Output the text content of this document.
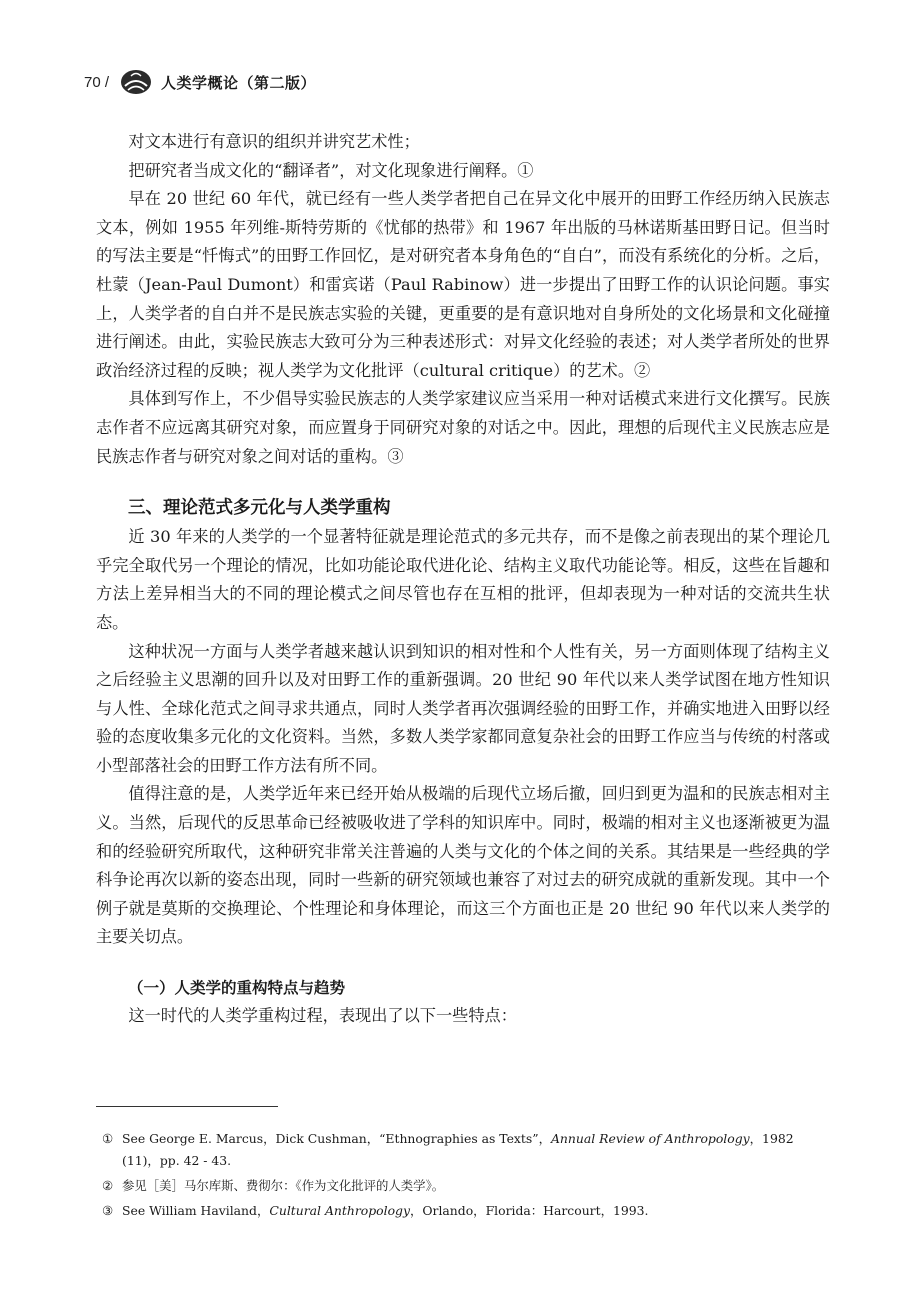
70 /	人类学概论（第二版）

对文本进行有意识的组织并讲究艺术性；

把研究者当成文化的“翻译者”，对文化现象进行阐释。①

早在 20 世纪 60 年代，就已经有一些人类学者把自己在异文化中展开的田野工作经历纳入民族志文本，例如 1955 年列维-斯特劳斯的《忧郁的热带》和 1967 年出版的马林诺斯基田野日记。但当时的写法主要是“忏悔式”的田野工作回忆，是对研究者本身角色的“自白”，而没有系统化的分析。之后，杜蒙（Jean-Paul Dumont）和雷宾诺（Paul Rabinow）进一步提出了田野工作的认识论问题。事实上，人类学者的自白并不是民族志实验的关键，更重要的是有意识地对自身所处的文化场景和文化碰撞进行阐述。由此，实验民族志大致可分为三种表述形式：对异文化经验的表述；对人类学者所处的世界政治经济过程的反映；视人类学为文化批评（cultural critique）的艺术。②

具体到写作上，不少倡导实验民族志的人类学家建议应当采用一种对话模式来进行文化撰写。民族志作者不应远离其研究对象，而应置身于同研究对象的对话之中。因此，理想的后现代主义民族志应是民族志作者与研究对象之间对话的重构。③

三、理论范式多元化与人类学重构

近 30 年来的人类学的一个显著特征就是理论范式的多元共存，而不是像之前表现出的某个理论几乎完全取代另一个理论的情况，比如功能论取代进化论、结构主义取代功能论等。相反，这些在旨趣和方法上差异相当大的不同的理论模式之间尽管也存在互相的批评，但却表现为一种对话的交流共生状态。

这种状况一方面与人类学者越来越认识到知识的相对性和个人性有关，另一方面则体现了结构主义之后经验主义思潮的回升以及对田野工作的重新强调。20 世纪 90 年代以来人类学试图在地方性知识与人性、全球化范式之间寻求共通点，同时人类学者再次强调经验的田野工作，并确实地进入田野以经验的态度收集多元化的文化资料。当然，多数人类学家都同意复杂社会的田野工作应当与传统的村落或小型部落社会的田野工作方法有所不同。

值得注意的是，人类学近年来已经开始从极端的后现代立场后撤，回归到更为温和的民族志相对主义。当然，后现代的反思革命已经被吸收进了学科的知识库中。同时，极端的相对主义也逐渐被更为温和的经验研究所取代，这种研究非常关注普遍的人类与文化的个体之间的关系。其结果是一些经典的学科争论再次以新的姿态出现，同时一些新的研究领域也兼容了对过去的研究成就的重新发现。其中一个例子就是莫斯的交换理论、个性理论和身体理论，而这三个方面也正是 20 世纪 90 年代以来人类学的主要关切点。

（一）人类学的重构特点与趋势

这一时代的人类学重构过程，表现出了以下一些特点：

① See George E. Marcus，Dick Cushman，“Ethnographies as Texts”，Annual Review of Anthropology，1982 (11)，pp. 42 - 43.

② 参见［美］马尔库斯、费彻尔：《作为文化批评的人类学》。

③ See William Haviland，Cultural Anthropology，Orlando，Florida：Harcourt，1993.
